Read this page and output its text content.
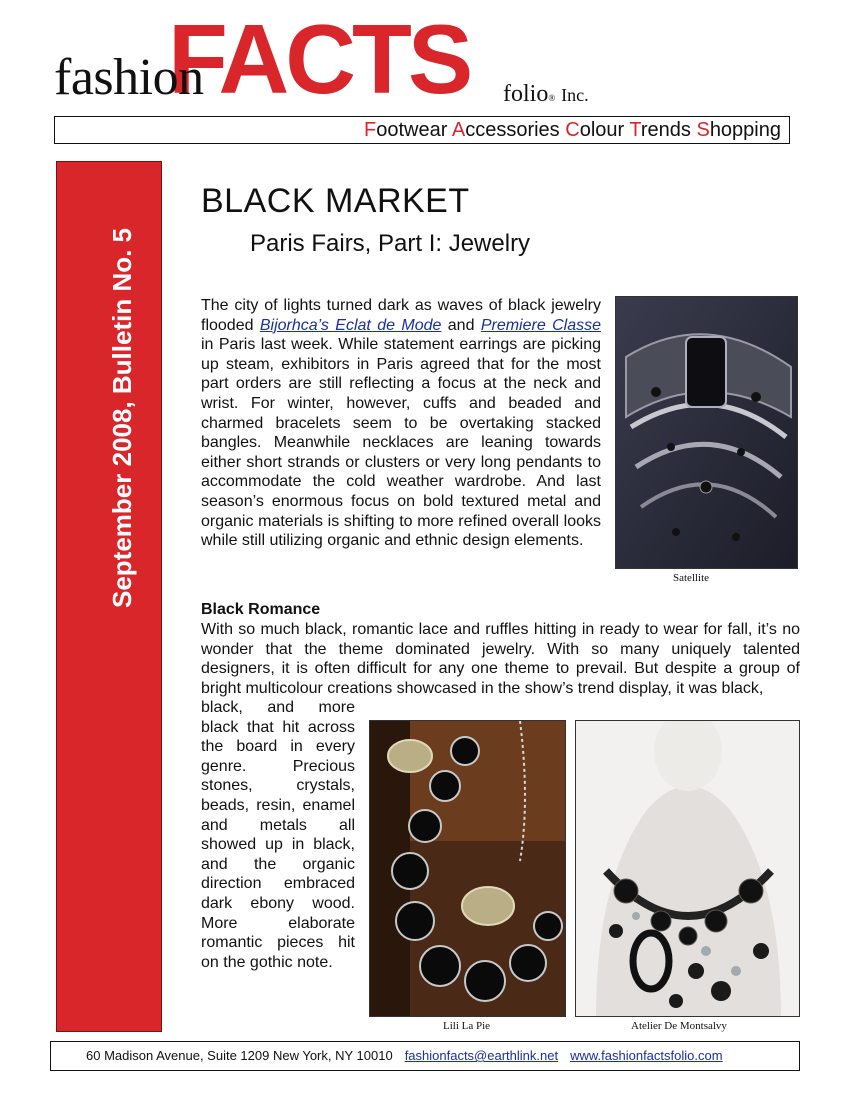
FACTS
fashion	folio® Inc.
Footwear Accessories Colour Trends Shopping
September 2008, Bulletin No. 5
BLACK MARKET
Paris Fairs, Part I: Jewelry

The city of lights turned dark as waves of black jewelry flooded Bijorhca’s Eclat de Mode and Premiere Classe in Paris last week. While statement earrings are picking up steam, exhibitors in Paris agreed that for the most part orders are still reflecting a focus at the neck and wrist. For winter, however, cuffs and beaded and charmed bracelets seem to be overtaking stacked bangles. Meanwhile necklaces are leaning towards either short strands or clusters or very long pendants to accommodate the cold weather wardrobe. And last season’s enormous focus on bold textured metal and organic materials is shifting to more refined overall looks while still utilizing organic and ethnic design elements.

Satellite
Black Romance

With so much black, romantic lace and ruffles hitting in ready to wear for fall, it’s no wonder that the theme dominated jewelry. With so many uniquely talented designers, it is often difficult for any one theme to prevail. But despite a group of bright multicolour creations showcased in the show’s trend display, it was black,

black, and more black that hit across the board in every genre. Precious stones, crystals, beads, resin, enamel and metals all showed up in black, and the organic direction embraced dark ebony wood. More elaborate romantic pieces hit on the gothic note.

Lili La Pie	Atelier De Montsalvy
60 Madison Avenue, Suite 1209 New York, NY 10010 fashionfacts@earthlink.net www.fashionfactsfolio.com
